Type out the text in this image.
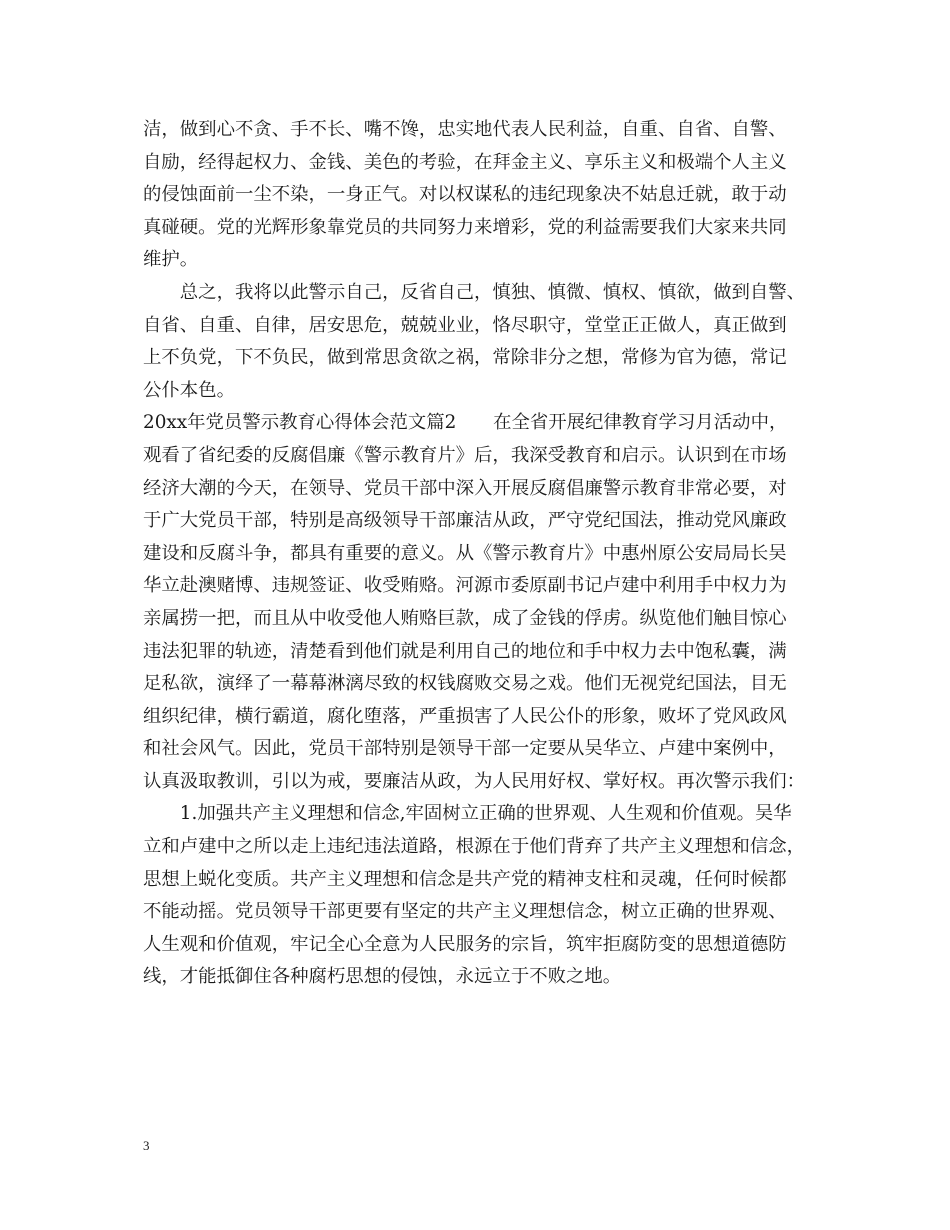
洁，做到心不贪、手不长、嘴不馋，忠实地代表人民利益，自重、自省、自警、
自励，经得起权力、金钱、美色的考验，在拜金主义、享乐主义和极端个人主义
的侵蚀面前一尘不染，一身正气。对以权谋私的违纪现象决不姑息迁就，敢于动
真碰硬。党的光辉形象靠党员的共同努力来增彩，党的利益需要我们大家来共同
维护。
　　总之，我将以此警示自己，反省自己，慎独、慎微、慎权、慎欲，做到自警、
自省、自重、自律，居安思危，兢兢业业，恪尽职守，堂堂正正做人，真正做到
上不负党，下不负民，做到常思贪欲之祸，常除非分之想，常修为官为德，常记
公仆本色。
20xx年党员警示教育心得体会范文篇2　　在全省开展纪律教育学习月活动中，
观看了省纪委的反腐倡廉《警示教育片》后，我深受教育和启示。认识到在市场
经济大潮的今天，在领导、党员干部中深入开展反腐倡廉警示教育非常必要，对
于广大党员干部，特别是高级领导干部廉洁从政，严守党纪国法，推动党风廉政
建设和反腐斗争，都具有重要的意义。从《警示教育片》中惠州原公安局局长吴
华立赴澳赌博、违规签证、收受贿赂。河源市委原副书记卢建中利用手中权力为
亲属捞一把，而且从中收受他人贿赂巨款，成了金钱的俘虏。纵览他们触目惊心
违法犯罪的轨迹，清楚看到他们就是利用自己的地位和手中权力去中饱私囊，满
足私欲，演绎了一幕幕淋漓尽致的权钱腐败交易之戏。他们无视党纪国法，目无
组织纪律，横行霸道，腐化堕落，严重损害了人民公仆的形象，败坏了党风政风
和社会风气。因此，党员干部特别是领导干部一定要从吴华立、卢建中案例中，
认真汲取教训，引以为戒，要廉洁从政，为人民用好权、掌好权。再次警示我们：
　　1.加强共产主义理想和信念,牢固树立正确的世界观、人生观和价值观。吴华
立和卢建中之所以走上违纪违法道路，根源在于他们背弃了共产主义理想和信念，
思想上蜕化变质。共产主义理想和信念是共产党的精神支柱和灵魂，任何时候都
不能动摇。党员领导干部更要有坚定的共产主义理想信念，树立正确的世界观、
人生观和价值观，牢记全心全意为人民服务的宗旨，筑牢拒腐防变的思想道德防
线，才能抵御住各种腐朽思想的侵蚀，永远立于不败之地。
3
